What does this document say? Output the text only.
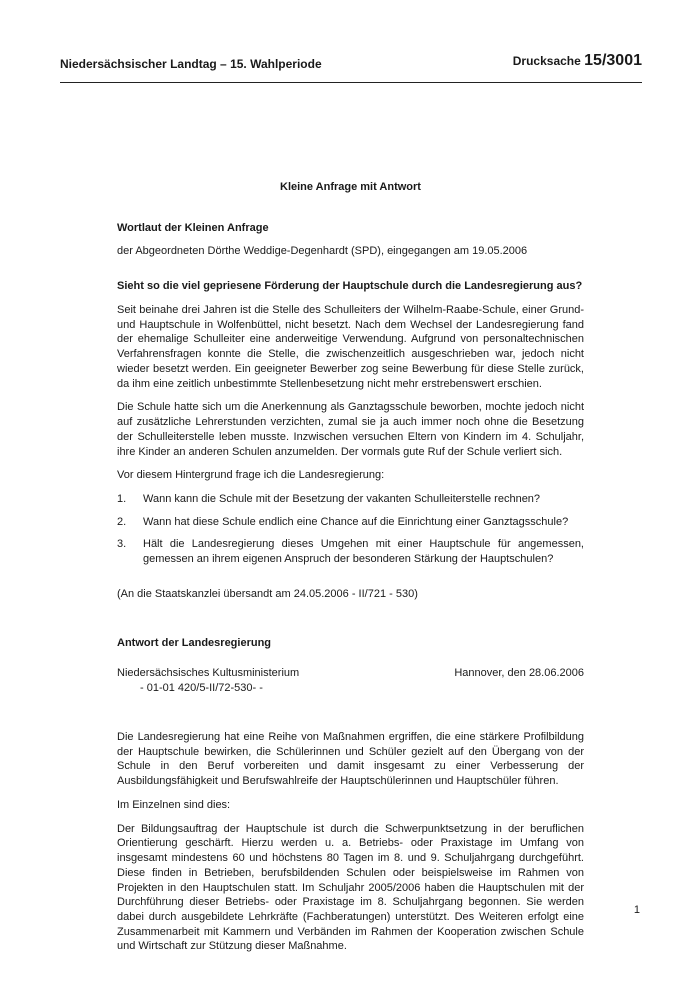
Niedersächsischer Landtag – 15. Wahlperiode	Drucksache 15/3001
Kleine Anfrage mit Antwort
Wortlaut der Kleinen Anfrage

der Abgeordneten Dörthe Weddige-Degenhardt (SPD), eingegangen am 19.05.2006

Sieht so die viel gepriesene Förderung der Hauptschule durch die Landesregierung aus?

Seit beinahe drei Jahren ist die Stelle des Schulleiters der Wilhelm-Raabe-Schule, einer Grund- und Hauptschule in Wolfenbüttel, nicht besetzt. Nach dem Wechsel der Landesregierung fand der ehemalige Schulleiter eine anderweitige Verwendung. Aufgrund von personaltechnischen Verfahrensfragen konnte die Stelle, die zwischenzeitlich ausgeschrieben war, jedoch nicht wieder besetzt werden. Ein geeigneter Bewerber zog seine Bewerbung für diese Stelle zurück, da ihm eine zeitlich unbestimmte Stellenbesetzung nicht mehr erstrebenswert erschien.

Die Schule hatte sich um die Anerkennung als Ganztagsschule beworben, mochte jedoch nicht auf zusätzliche Lehrerstunden verzichten, zumal sie ja auch immer noch ohne die Besetzung der Schulleiterstelle leben musste. Inzwischen versuchen Eltern von Kindern im 4. Schuljahr, ihre Kinder an anderen Schulen anzumelden. Der vormals gute Ruf der Schule verliert sich.

Vor diesem Hintergrund frage ich die Landesregierung:

1.	Wann kann die Schule mit der Besetzung der vakanten Schulleiterstelle rechnen?
2.	Wann hat diese Schule endlich eine Chance auf die Einrichtung einer Ganztagsschule?
3.	Hält die Landesregierung dieses Umgehen mit einer Hauptschule für angemessen, gemessen an ihrem eigenen Anspruch der besonderen Stärkung der Hauptschulen?

(An die Staatskanzlei übersandt am 24.05.2006 - II/721 - 530)

Antwort der Landesregierung
Niedersächsisches Kultusministerium	Hannover, den 28.06.2006
- 01-01 420/5-II/72-530- -

Die Landesregierung hat eine Reihe von Maßnahmen ergriffen, die eine stärkere Profilbildung der Hauptschule bewirken, die Schülerinnen und Schüler gezielt auf den Übergang von der Schule in den Beruf vorbereiten und damit insgesamt zu einer Verbesserung der Ausbildungsfähigkeit und Berufswahlreife der Hauptschülerinnen und Hauptschüler führen.

Im Einzelnen sind dies:

Der Bildungsauftrag der Hauptschule ist durch die Schwerpunktsetzung in der beruflichen Orientierung geschärft. Hierzu werden u. a. Betriebs- oder Praxistage im Umfang von insgesamt mindestens 60 und höchstens 80 Tagen im 8. und 9. Schuljahrgang durchgeführt. Diese finden in Betrieben, berufsbildenden Schulen oder beispielsweise im Rahmen von Projekten in den Hauptschulen statt. Im Schuljahr 2005/2006 haben die Hauptschulen mit der Durchführung dieser Betriebs- oder Praxistage im 8. Schuljahrgang begonnen. Sie werden dabei durch ausgebildete Lehrkräfte (Fachberatungen) unterstützt. Des Weiteren erfolgt eine Zusammenarbeit mit Kammern und Verbänden im Rahmen der Kooperation zwischen Schule und Wirtschaft zur Stützung dieser Maßnahme.

1
